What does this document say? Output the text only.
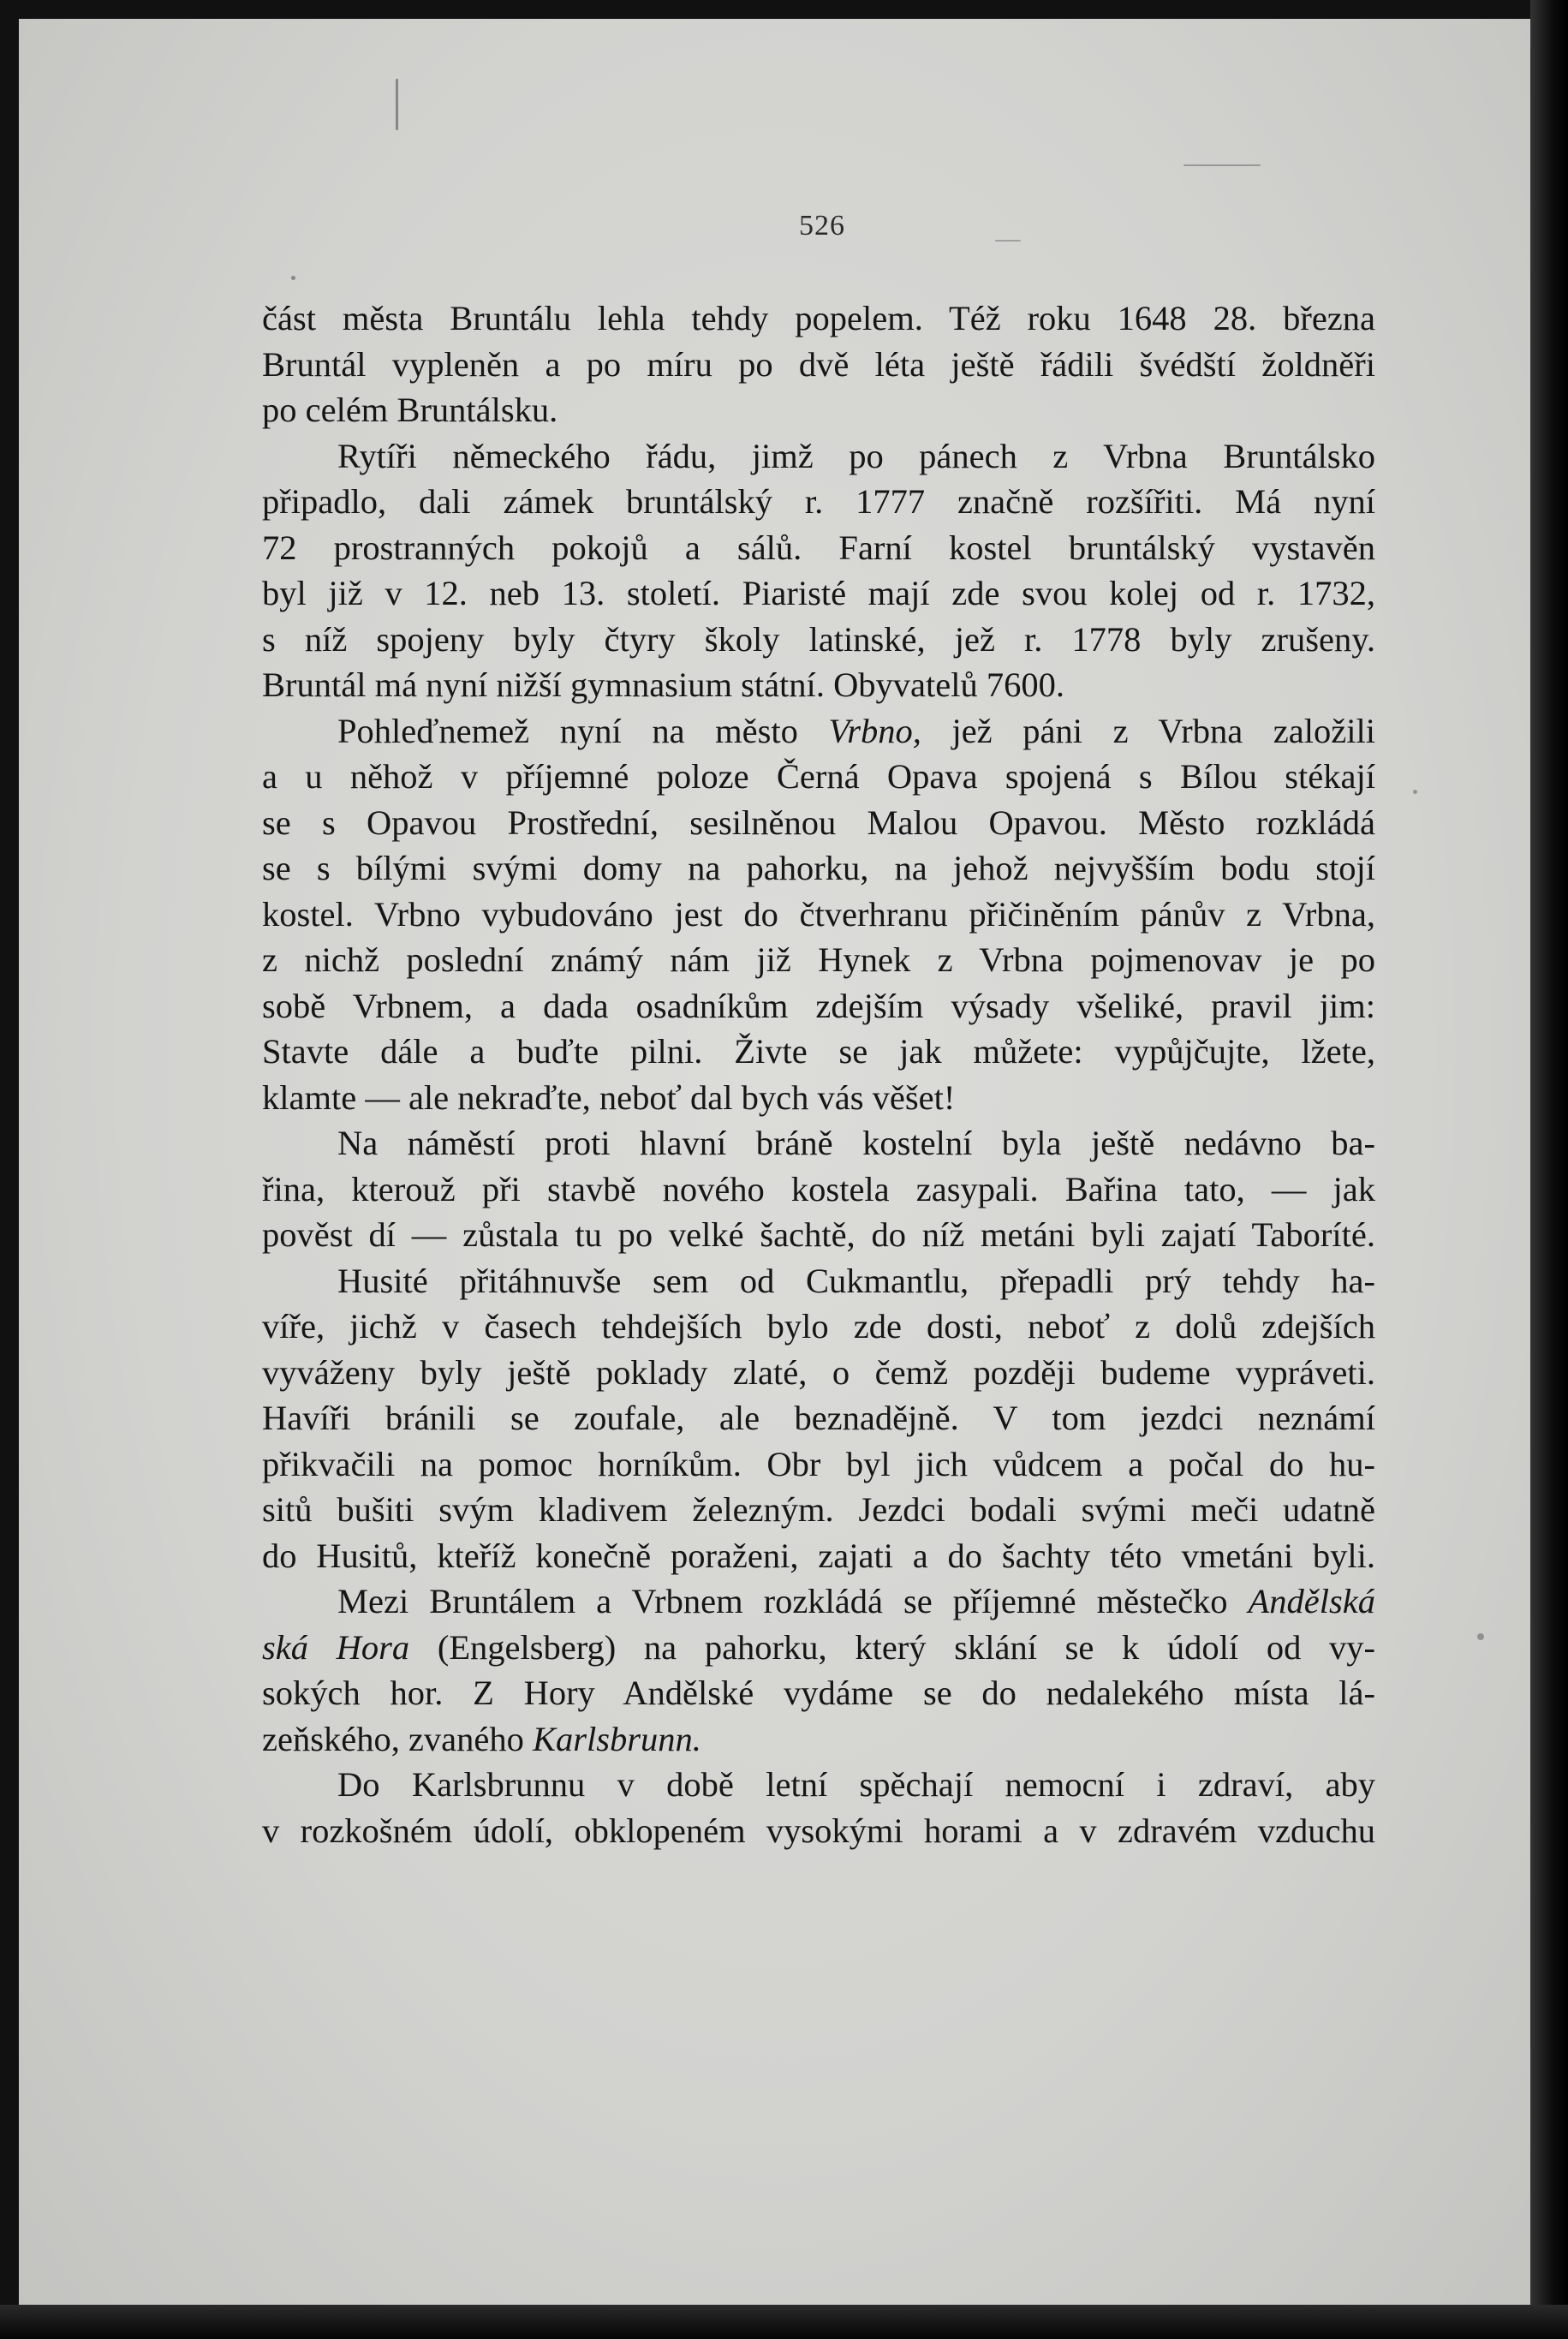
526

část města Bruntálu lehla tehdy popelem. Též roku 1648 28. března
Bruntál vypleněn a po míru po dvě léta ještě řádili švédští žoldněři
po celém Bruntálsku.

Rytíři německého řádu, jimž po pánech z Vrbna Bruntálsko
připadlo, dali zámek bruntálský r. 1777 značně rozšířiti. Má nyní
72 prostranných pokojů a sálů. Farní kostel bruntálský vystavěn
byl již v 12. neb 13. století. Piaristé mají zde svou kolej od r. 1732,
s níž spojeny byly čtyry školy latinské, jež r. 1778 byly zrušeny.
Bruntál má nyní nižší gymnasium státní. Obyvatelů 7600.

Pohleďnemež nyní na město Vrbno, jež páni z Vrbna založili
a u něhož v příjemné poloze Černá Opava spojená s Bílou stékají
se s Opavou Prostřední, sesilněnou Malou Opavou. Město rozkládá
se s bílými svými domy na pahorku, na jehož nejvyšším bodu stojí
kostel. Vrbno vybudováno jest do čtverhranu přičiněním pánův z Vrbna,
z nichž poslední známý nám již Hynek z Vrbna pojmenovav je po
sobě Vrbnem, a dada osadníkům zdejším výsady všeliké, pravil jim:
Stavte dále a buďte pilni. Živte se jak můžete: vypůjčujte, lžete,
klamte — ale nekraďte, neboť dal bych vás věšet!

Na náměstí proti hlavní bráně kostelní byla ještě nedávno ba-
řina, kterouž při stavbě nového kostela zasypali. Bařina tato, — jak
pověst dí — zůstala tu po velké šachtě, do níž metáni byli zajatí Taboríté.

Husité přitáhnuvše sem od Cukmantlu, přepadli prý tehdy ha-
víře, jichž v časech tehdejších bylo zde dosti, neboť z dolů zdejších
vyváženy byly ještě poklady zlaté, o čemž později budeme vypráveti.
Havíři bránili se zoufale, ale beznadějně. V tom jezdci neznámí
přikvačili na pomoc horníkům. Obr byl jich vůdcem a počal do hu-
sitů bušiti svým kladivem železným. Jezdci bodali svými meči udatně
do Husitů, kteříž konečně poraženi, zajati a do šachty této vmetáni byli.

Mezi Bruntálem a Vrbnem rozkládá se příjemné městečko Andělská
ská Hora (Engelsberg) na pahorku, který sklání se k údolí od vy-
sokých hor. Z Hory Andělské vydáme se do nedalekého místa lá-
zeňského, zvaného Karlsbrunn.

Do Karlsbrunnu v době letní spěchají nemocní i zdraví, aby
v rozkošném údolí, obklopeném vysokými horami a v zdravém vzduchu
